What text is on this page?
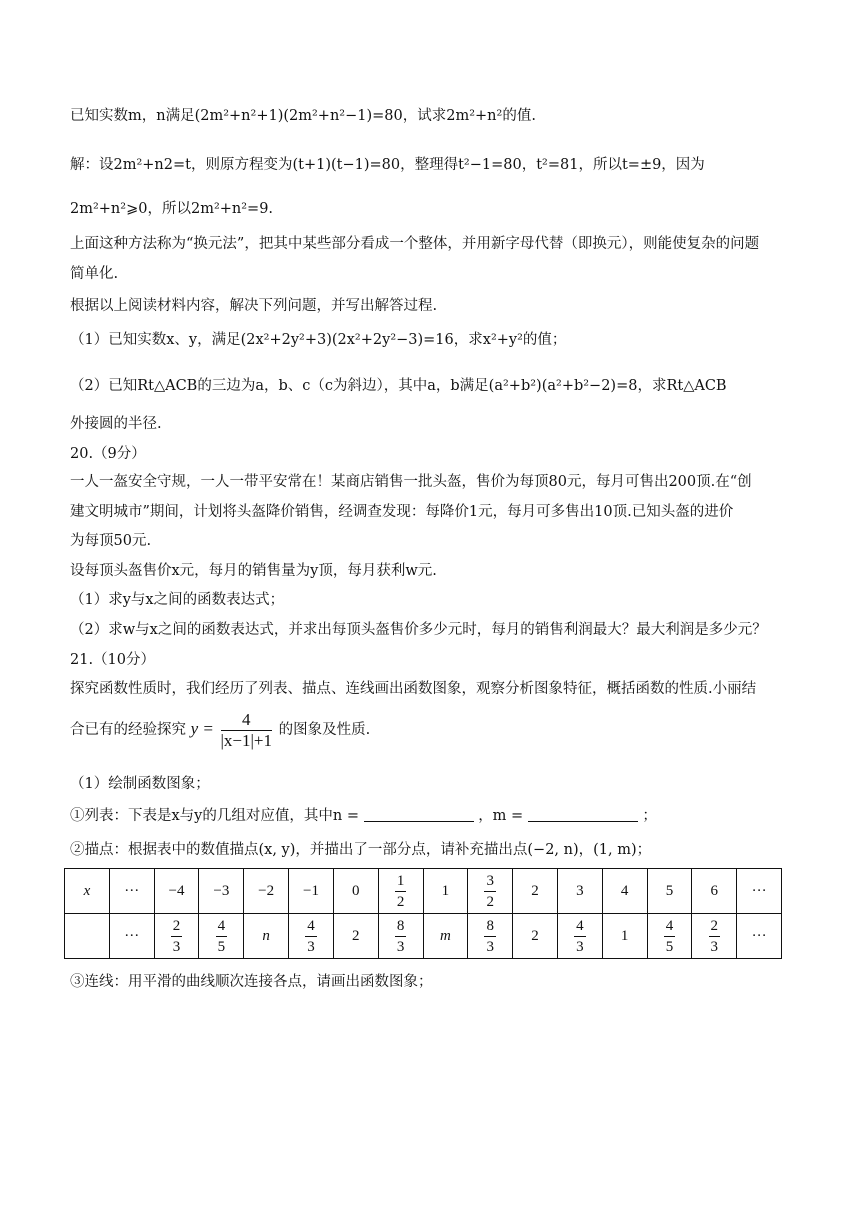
已知实数m，n满足(2m²+n²+1)(2m²+n²−1)=80，试求2m²+n²的值.
解：设2m²+n2=t，则原方程变为(t+1)(t−1)=80，整理得t²−1=80，t²=81，所以t=±9，因为
2m²+n²⩾0，所以2m²+n²=9.
上面这种方法称为“换元法”，把其中某些部分看成一个整体，并用新字母代替（即换元），则能使复杂的问题
简单化.
根据以上阅读材料内容，解决下列问题，并写出解答过程.
（1）已知实数x、y，满足(2x²+2y²+3)(2x²+2y²−3)=16，求x²+y²的值；
（2）已知Rt△ACB的三边为a，b、c（c为斜边），其中a，b满足(a²+b²)(a²+b²−2)=8，求Rt△ACB
外接圆的半径.
20.（9分）
一人一盔安全守规，一人一带平安常在！某商店销售一批头盔，售价为每顶80元，每月可售出200顶.在“创
建文明城市”期间，计划将头盔降价销售，经调查发现：每降价1元，每月可多售出10顶.已知头盔的进价
为每顶50元.
设每顶头盔售价x元，每月的销售量为y顶，每月获利w元.
（1）求y与x之间的函数表达式；
（2）求w与x之间的函数表达式，并求出每顶头盔售价多少元时，每月的销售利润最大？最大利润是多少元？
21.（10分）
探究函数性质时，我们经历了列表、描点、连线画出函数图象，观察分析图象特征，概括函数的性质.小丽结
合已有的经验探究 $y = \frac{4}{|x-1|+1}$ 的图象及性质.
（1）绘制函数图象；
①列表：下表是x与y的几组对应值，其中n =	，m =	；
②描点：根据表中的数值描点(x, y)，并描出了一部分点，请补充描出点(−2, n)，(1, m)；
x	···	−4	−3	−2	−1	0	$\frac{1}{2}$	1	$\frac{3}{2}$	2	3	4	5	6	···
	···	$\frac{2}{3}$	$\frac{4}{5}$	n	$\frac{4}{3}$	2	$\frac{8}{3}$	m	$\frac{8}{3}$	2	$\frac{4}{3}$	1	$\frac{4}{5}$	$\frac{2}{3}$	···
③连线：用平滑的曲线顺次连接各点，请画出函数图象；
